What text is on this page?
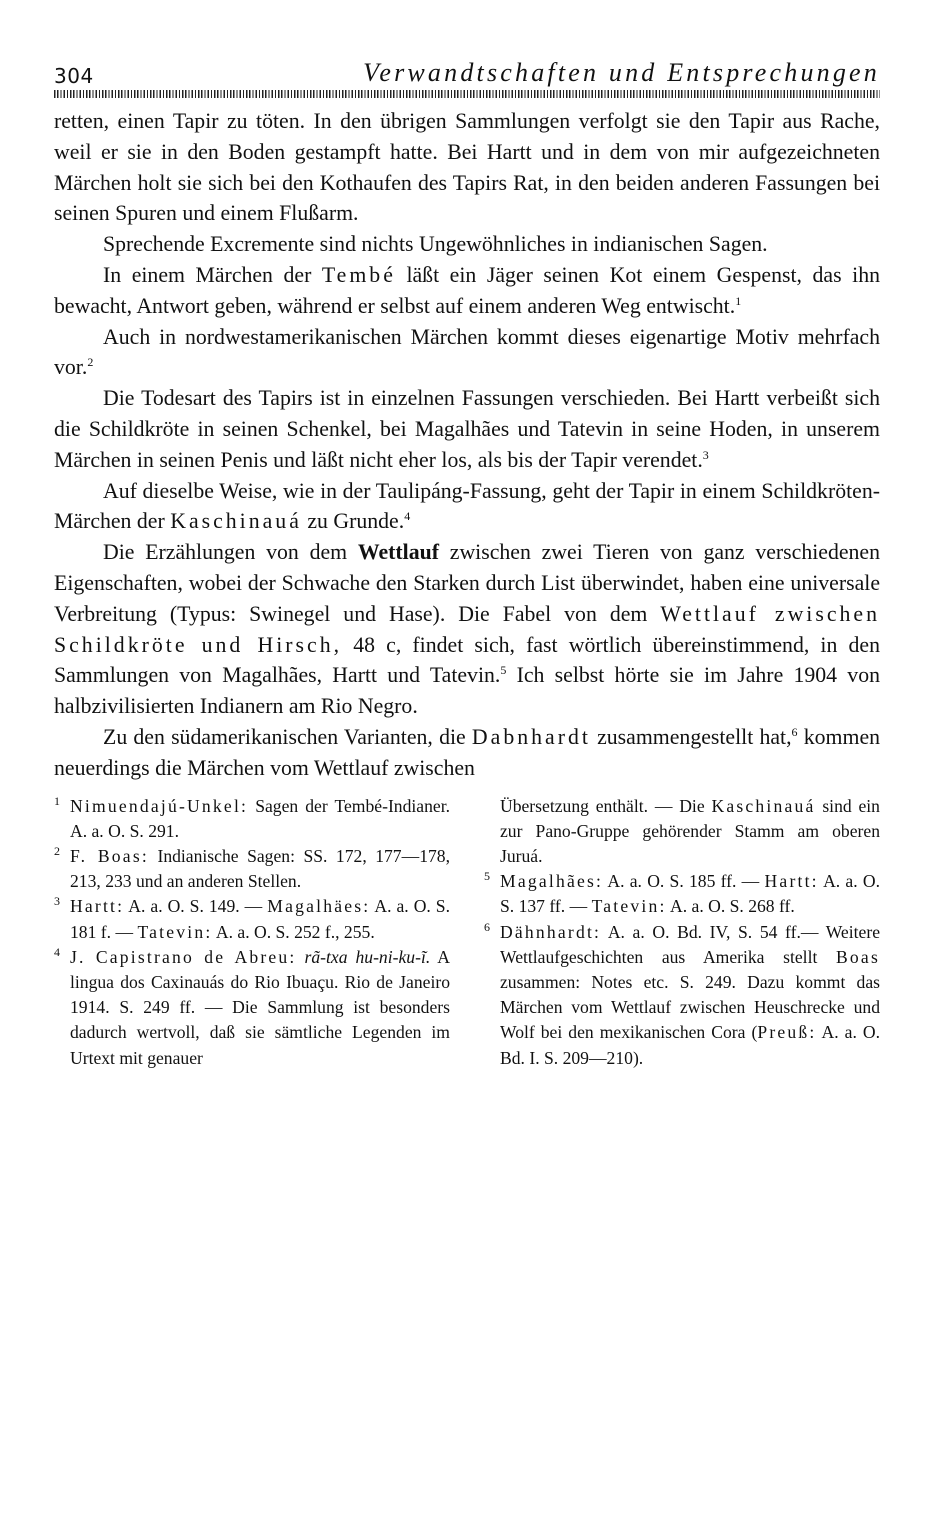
304	Verwandtschaften und Entsprechungen

retten, einen Tapir zu töten. In den übrigen Sammlungen verfolgt sie den Tapir aus Rache, weil er sie in den Boden gestampft hatte. Bei Hartt und in dem von mir aufgezeichneten Märchen holt sie sich bei den Kothaufen des Tapirs Rat, in den beiden anderen Fassungen bei seinen Spuren und einem Flußarm.

Sprechende Excremente sind nichts Ungewöhnliches in indianischen Sagen.

In einem Märchen der Tembé läßt ein Jäger seinen Kot einem Gespenst, das ihn bewacht, Antwort geben, während er selbst auf einem anderen Weg entwischt.$^1$

Auch in nordwestamerikanischen Märchen kommt dieses eigenartige Motiv mehrfach vor.$^2$

Die Todesart des Tapirs ist in einzelnen Fassungen verschieden. Bei Hartt verbeißt sich die Schildkröte in seinen Schenkel, bei Magalhães und Tatevin in seine Hoden, in unserem Märchen in seinen Penis und läßt nicht eher los, als bis der Tapir verendet.$^3$

Auf dieselbe Weise, wie in der Taulipáng-Fassung, geht der Tapir in einem Schildkröten-Märchen der Kaschinauá zu Grunde.$^4$

Die Erzählungen von dem Wettlauf zwischen zwei Tieren von ganz verschiedenen Eigenschaften, wobei der Schwache den Starken durch List überwindet, haben eine universale Verbreitung (Typus: Swinegel und Hase). Die Fabel von dem Wettlauf zwischen Schildkröte und Hirsch, 48 c, findet sich, fast wörtlich übereinstimmend, in den Sammlungen von Magalhães, Hartt und Tatevin.$^5$ Ich selbst hörte sie im Jahre 1904 von halbzivilisierten Indianern am Rio Negro.

Zu den südamerikanischen Varianten, die Dabnhardt zusammengestellt hat,$^6$ kommen neuerdings die Märchen vom Wettlauf zwischen

1 Nimuendajú-Unkel: Sagen der Tembé-Indianer. A. a. O. S. 291.
2 F. Boas: Indianische Sagen: SS. 172, 177—178, 213, 233 und an anderen Stellen.
3 Hartt: A. a. O. S. 149. — Magalhäes: A. a. O. S. 181 f. — Tatevin: A. a. O. S. 252 f., 255.
4 J. Capistrano de Abreu: rã-txa hu-ni-ku-ĩ. A lingua dos Caxinauás do Rio Ibuaçu. Rio de Janeiro 1914. S. 249 ff. — Die Sammlung ist besonders dadurch wertvoll, daß sie sämtliche Legenden im Urtext mit genauer
Übersetzung enthält. — Die Kaschinauá sind ein zur Pano-Gruppe gehörender Stamm am oberen Juruá.
5 Magalhães: A. a. O. S. 185 ff. — Hartt: A. a. O. S. 137 ff. — Tatevin: A. a. O. S. 268 ff.
6 Dähnhardt: A. a. O. Bd. IV, S. 54 ff.— Weitere Wettlaufgeschichten aus Amerika stellt Boas zusammen: Notes etc. S. 249. Dazu kommt das Märchen vom Wettlauf zwischen Heuschrecke und Wolf bei den mexikanischen Cora (Preuß: A. a. O. Bd. I. S. 209—210).
